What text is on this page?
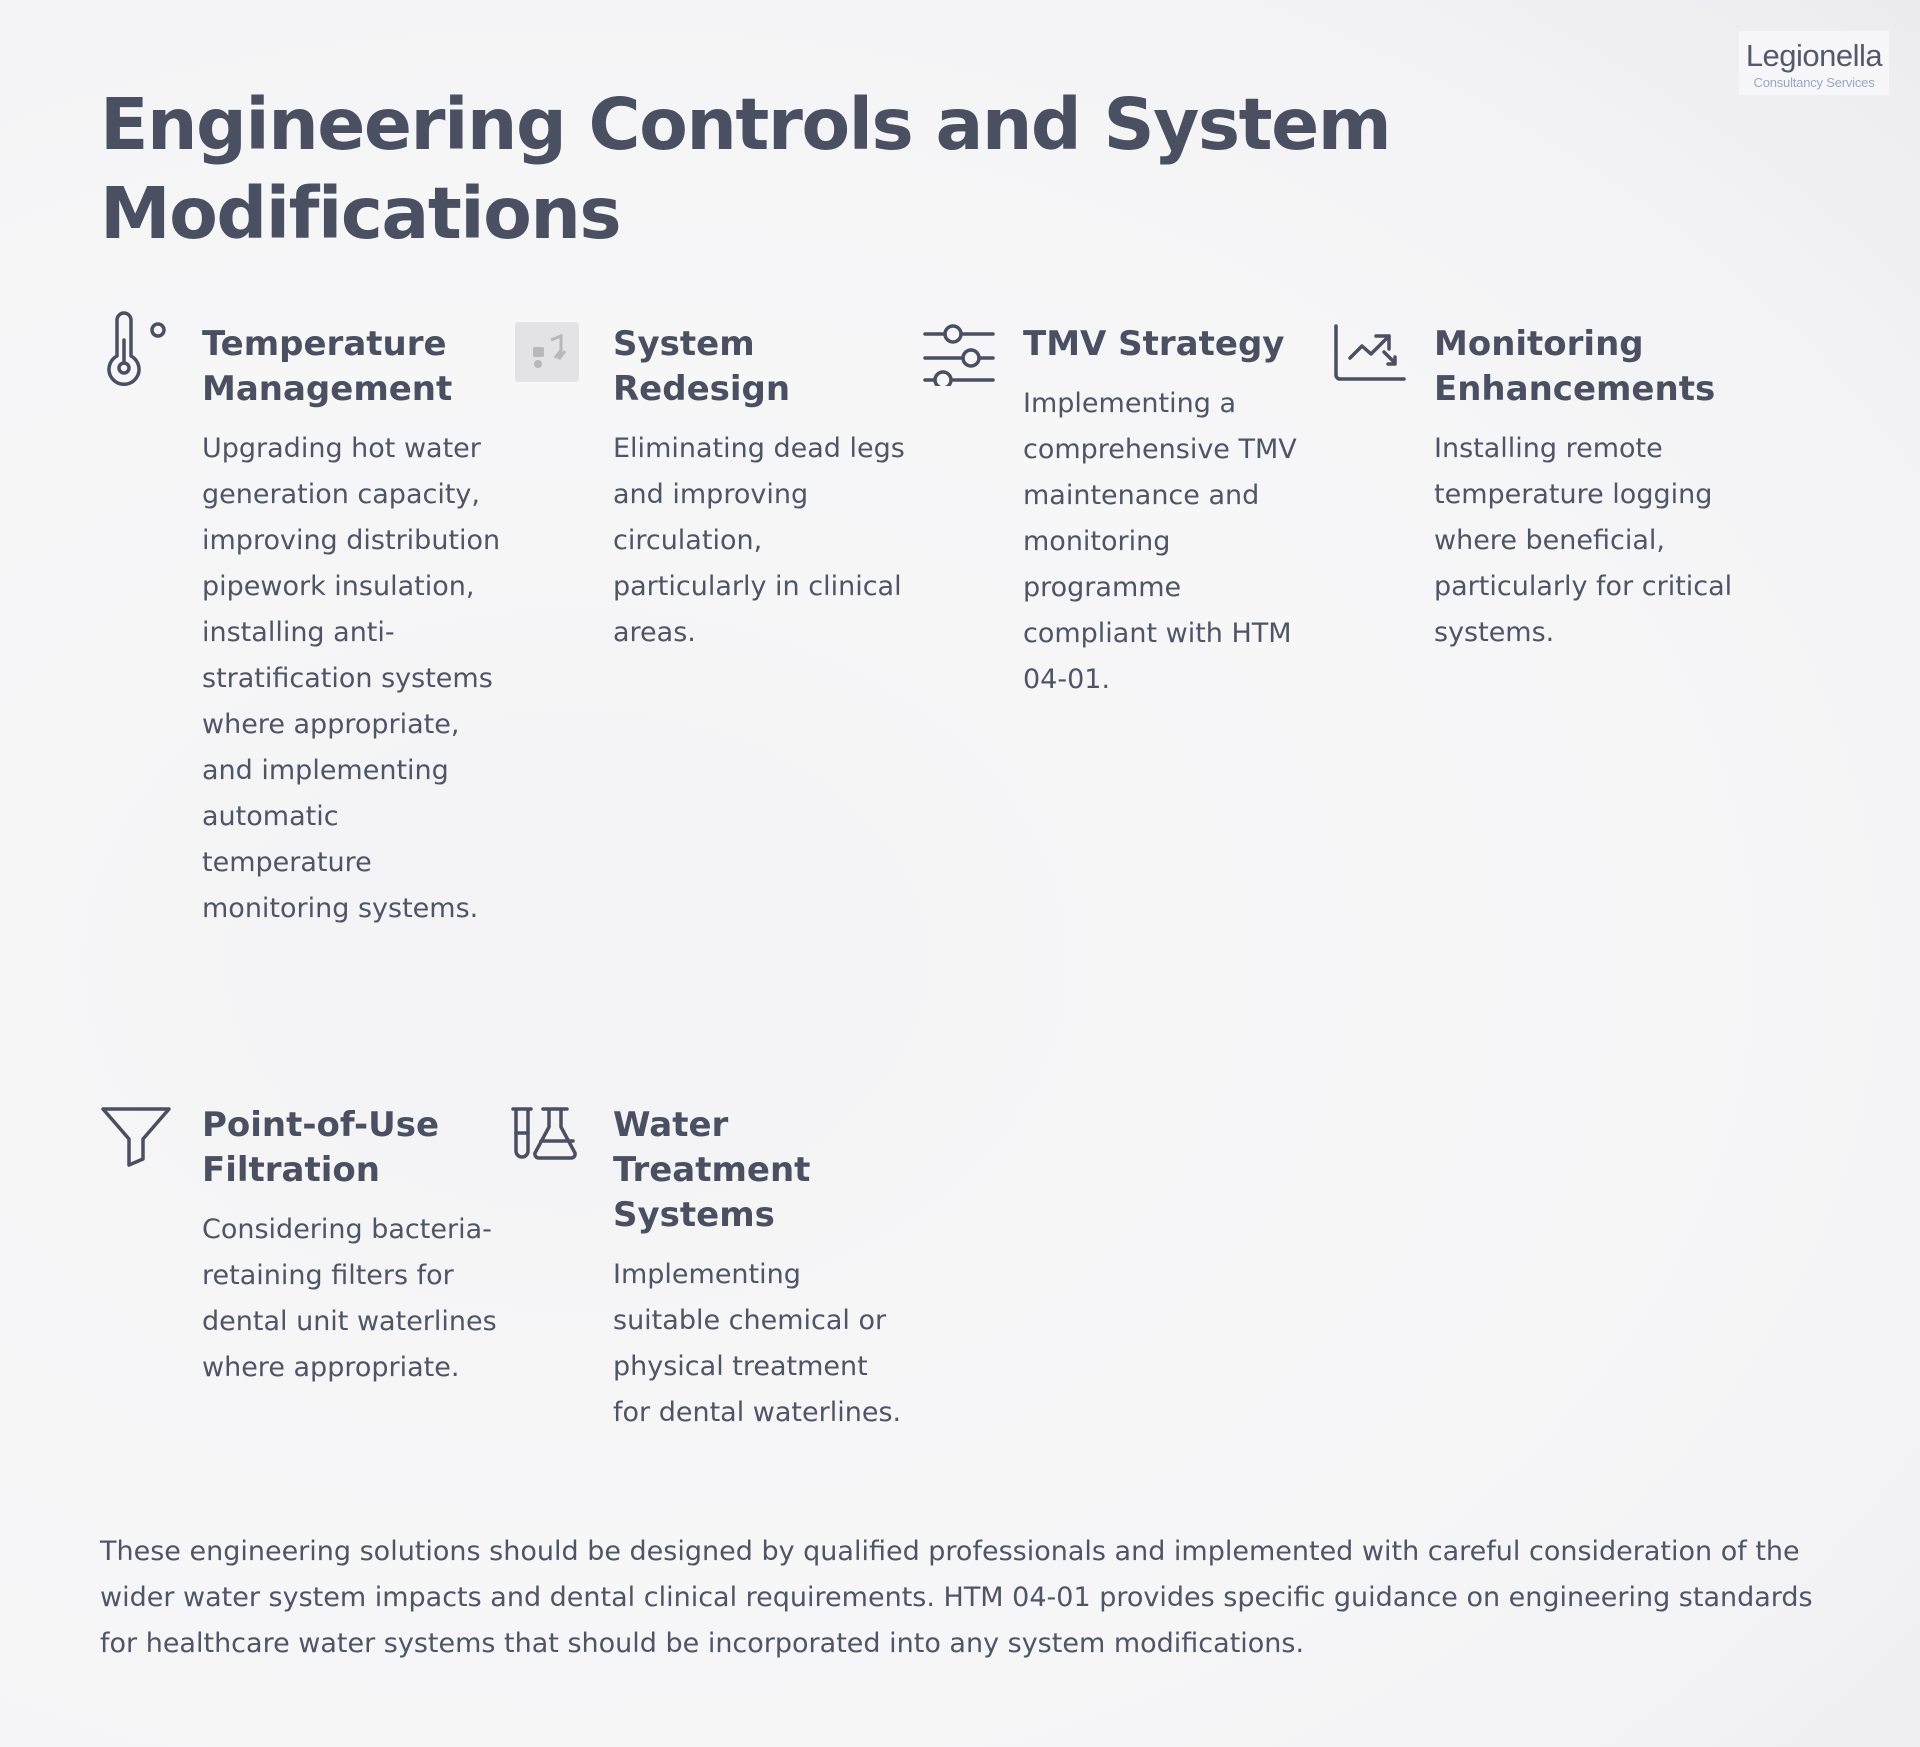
Legionella
Consultancy Services
Engineering Controls and System Modifications
Temperature Management

Upgrading hot water generation capacity, improving distribution pipework insulation, installing anti-stratification systems where appropriate, and implementing automatic temperature monitoring systems.

System Redesign

Eliminating dead legs and improving circulation, particularly in clinical areas.

TMV Strategy

Implementing a comprehensive TMV maintenance and monitoring programme compliant with HTM 04-01.

Monitoring Enhancements

Installing remote temperature logging where beneficial, particularly for critical systems.

Point-of-Use Filtration

Considering bacteria-retaining filters for dental unit waterlines where appropriate.

Water Treatment Systems

Implementing suitable chemical or physical treatment for dental waterlines.

These engineering solutions should be designed by qualified professionals and implemented with careful consideration of the wider water system impacts and dental clinical requirements. HTM 04-01 provides specific guidance on engineering standards for healthcare water systems that should be incorporated into any system modifications.
